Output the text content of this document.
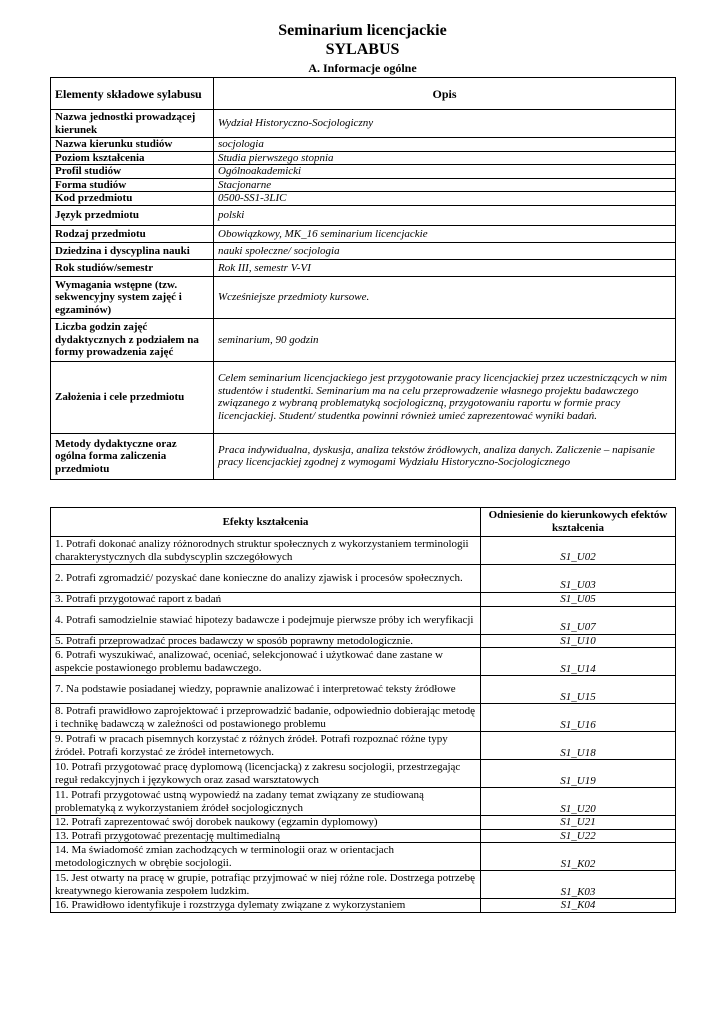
Seminarium licencjackie
SYLABUS
A. Informacje ogólne
Elementy składowe sylabusu	Opis
Nazwa jednostki prowadzącej kierunek	Wydział Historyczno-Socjologiczny
Nazwa kierunku studiów	socjologia
Poziom kształcenia	Studia pierwszego stopnia
Profil studiów	Ogólnoakademicki
Forma studiów	Stacjonarne
Kod przedmiotu	0500-SS1-3LIC
Język przedmiotu	polski
Rodzaj przedmiotu	Obowiązkowy, MK_16 seminarium licencjackie
Dziedzina i dyscyplina nauki	nauki społeczne/ socjologia
Rok studiów/semestr	Rok III, semestr V-VI
Wymagania wstępne (tzw. sekwencyjny system zajęć i egzaminów)	Wcześniejsze przedmioty kursowe.
Liczba godzin zajęć dydaktycznych z podziałem na formy prowadzenia zajęć	seminarium, 90 godzin
Założenia i cele przedmiotu	Celem seminarium licencjackiego jest przygotowanie pracy licencjackiej przez uczestniczących w nim studentów i studentki. Seminarium ma na celu przeprowadzenie własnego projektu badawczego związanego z wybraną problematyką socjologiczną, przygotowaniu raportu w formie pracy licencjackiej. Student/ studentka powinni również umieć zaprezentować wyniki badań.
Metody dydaktyczne oraz ogólna forma zaliczenia przedmiotu	Praca indywidualna, dyskusja, analiza tekstów źródłowych, analiza danych. Zaliczenie – napisanie pracy licencjackiej zgodnej z wymogami Wydziału Historyczno-Socjologicznego
Efekty kształcenia	Odniesienie do kierunkowych efektów kształcenia
1. Potrafi dokonać analizy różnorodnych struktur społecznych z wykorzystaniem terminologii charakterystycznych dla subdyscyplin szczegółowych	S1_U02
2. Potrafi zgromadzić/ pozyskać dane konieczne do analizy zjawisk i procesów społecznych.	S1_U03
3. Potrafi przygotować raport z badań	S1_U05
4. Potrafi samodzielnie stawiać hipotezy badawcze i podejmuje pierwsze próby ich weryfikacji	S1_U07
5. Potrafi przeprowadzać proces badawczy w sposób poprawny metodologicznie.	S1_U10
6. Potrafi wyszukiwać, analizować, oceniać, selekcjonować i użytkować dane zastane w aspekcie postawionego problemu badawczego.	S1_U14
7. Na podstawie posiadanej wiedzy, poprawnie analizować i interpretować teksty źródłowe	S1_U15
8. Potrafi prawidłowo zaprojektować i przeprowadzić badanie, odpowiednio dobierając metodę i technikę badawczą w zależności od postawionego problemu	S1_U16
9. Potrafi w pracach pisemnych korzystać z różnych źródeł. Potrafi rozpoznać różne typy źródeł. Potrafi korzystać ze źródeł internetowych.	S1_U18
10. Potrafi przygotować pracę dyplomową (licencjacką) z zakresu socjologii, przestrzegając reguł redakcyjnych i językowych oraz zasad warsztatowych	S1_U19
11. Potrafi przygotować ustną wypowiedź na zadany temat związany ze studiowaną problematyką z wykorzystaniem źródeł socjologicznych	S1_U20
12. Potrafi zaprezentować swój dorobek naukowy (egzamin dyplomowy)	S1_U21
13. Potrafi przygotować prezentację multimedialną	S1_U22
14. Ma świadomość zmian zachodzących w terminologii oraz w orientacjach metodologicznych w obrębie socjologii.	S1_K02
15. Jest otwarty na pracę w grupie, potrafiąc przyjmować w niej różne role. Dostrzega potrzebę kreatywnego kierowania zespołem ludzkim.	S1_K03
16. Prawidłowo identyfikuje i rozstrzyga dylematy związane z wykorzystaniem	S1_K04
